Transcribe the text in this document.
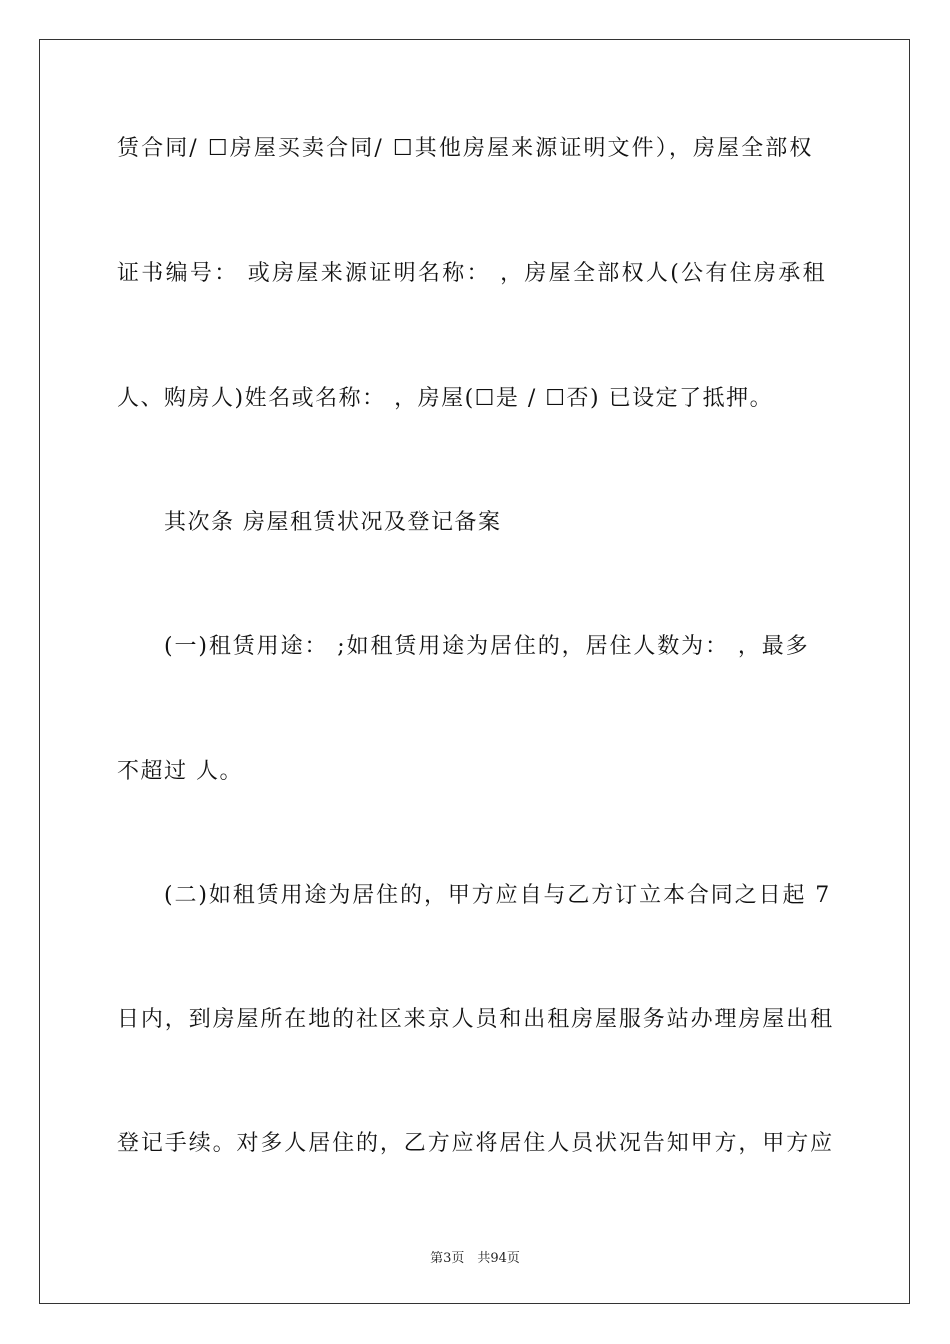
赁合同/ ☐房屋买卖合同/ ☐其他房屋来源证明文件），房屋全部权
证书编号： 或房屋来源证明名称： ，房屋全部权人(公有住房承租
人、购房人)姓名或名称： ，房屋(☐是 / ☐否) 已设定了抵押。
其次条 房屋租赁状况及登记备案
(一)租赁用途： ;如租赁用途为居住的，居住人数为： ，最多
不超过 人。
(二)如租赁用途为居住的，甲方应自与乙方订立本合同之日起 7
日内，到房屋所在地的社区来京人员和出租房屋服务站办理房屋出租
登记手续。对多人居住的，乙方应将居住人员状况告知甲方，甲方应
第3页　共94页
